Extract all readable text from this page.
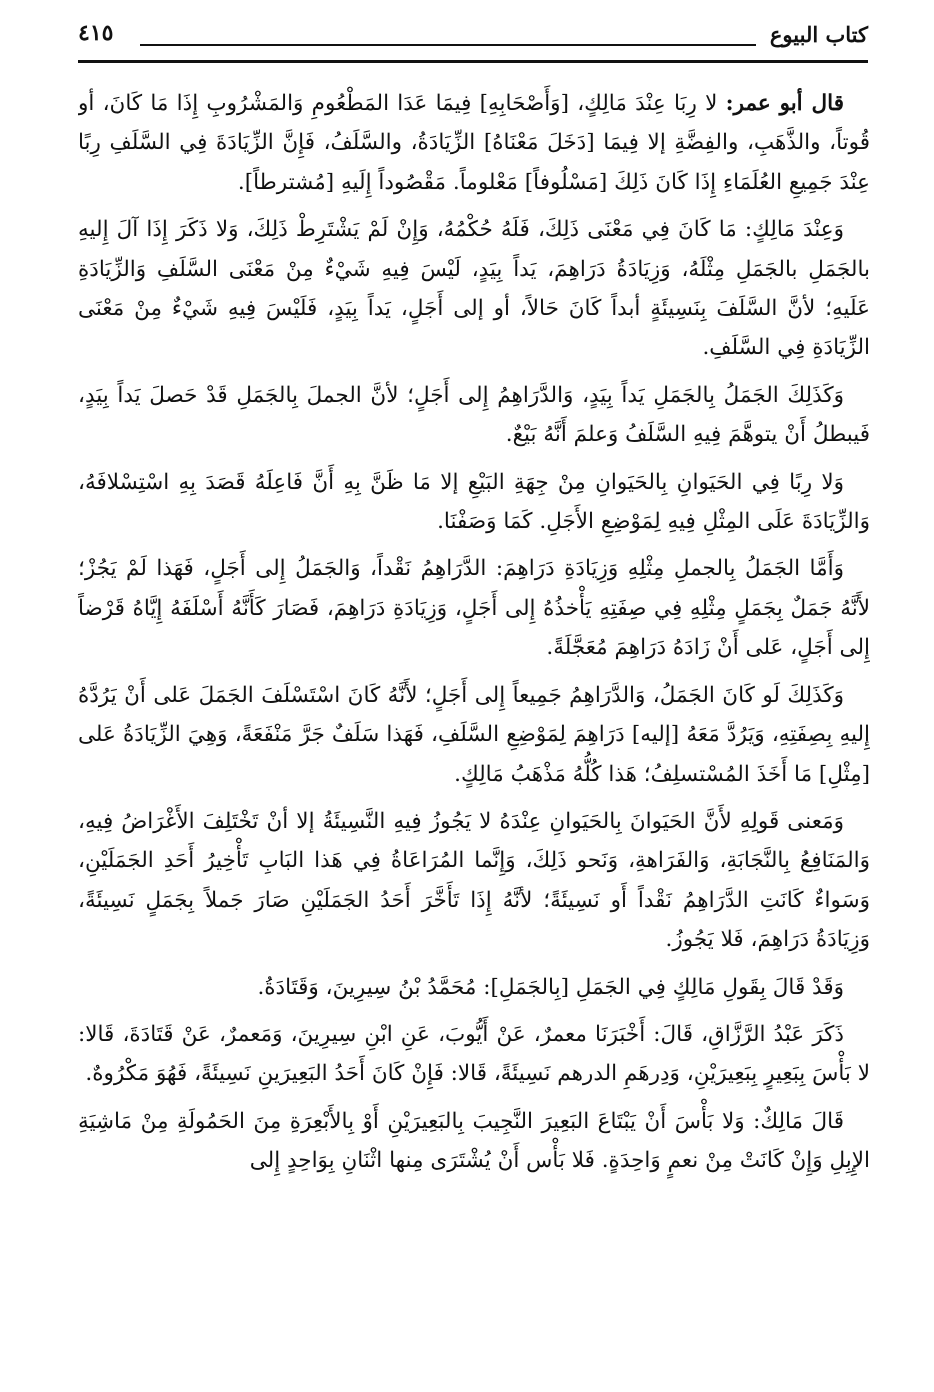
كتاب البيوع
٤١٥

قال أبو عمر: لا رِبَا عِنْدَ مَالِكٍ، [وَأَصْحَابِهِ] فِيمَا عَدَا المَطْعُومِ وَالمَشْرُوبِ إِذَا مَا كَانَ، أو قُوتاً، والذَّهَبِ، والفِضَّةِ إلا فِيمَا [دَخَلَ مَعْنَاهُ] الزِّيَادَةُ، والسَّلَفُ، فَإِنَّ الزِّيَادَةَ فِي السَّلَفِ رِبًا عِنْدَ جَمِيعِ العُلَمَاءِ إِذَا كَانَ ذَلِكَ [مَسْلُوفاً] مَعْلوماً. مَقْصُوداً إِلَيهِ [مُشترطاً].

وَعِنْدَ مَالِكٍ: مَا كَانَ فِي مَعْنَى ذَلِكَ، فَلَهُ حُكْمُهُ، وَإِنْ لَمْ يَشْتَرِطْ ذَلِكَ، وَلا ذَكَرَ إِذَا آلَ إِليهِ بالجَمَلِ بالجَمَلِ مِثْلَهُ، وَزِيَادَةُ دَرَاهِمَ، يَداً بِيَدٍ، لَيْسَ فِيهِ شَيْءٌ مِنْ مَعْنَى السَّلَفِ وَالزِّيَادَةِ عَلَيهِ؛ لأنَّ السَّلَفَ بِنَسِيئَةٍ أبداً كَانَ حَالاً، أو إلى أَجَلٍ، يَداً بِيَدٍ، فَلَيْسَ فِيهِ شَيْءٌ مِنْ مَعْنَى الزِّيَادَةِ فِي السَّلَفِ.

وَكَذَلِكَ الجَمَلُ بِالجَمَلِ يَداً بِيَدٍ، وَالدَّرَاهِمُ إِلى أَجَلٍ؛ لأنَّ الجملَ بِالجَمَلِ قَدْ حَصلَ يَداً بِيَدٍ، فَيبطلُ أَنْ يتوهَّمَ فِيهِ السَّلَفُ وَعلمَ أَنَّهُ بَيْعٌ.

وَلا رِبًا فِي الحَيَوانِ بِالحَيَوانِ مِنْ جِهَةِ البَيْعِ إلا مَا ظَنَّ بِهِ أَنَّ فَاعِلَهُ قَصَدَ بِهِ اسْتِسْلافَهُ، وَالزِّيَادَةَ عَلَى المِثْلِ فِيهِ لِمَوْضِعِ الأَجَلِ. كَمَا وَصَفْنَا.

وَأَمَّا الجَمَلُ بِالجملِ مِثْلِهِ وَزِيَادَةِ دَرَاهِمَ: الدَّرَاهِمُ نَقْداً، وَالجَمَلُ إِلى أَجَلٍ، فَهَذا لَمْ يَجُزْ؛ لأَنَّهُ جَمَلٌ بِجَمَلٍ مِثْلِهِ فِي صِفَتِهِ يَأْخذُهُ إِلى أَجَلٍ، وَزِيَادَةِ دَرَاهِمَ، فَصَارَ كَأَنَّهُ أَسْلَفَهُ إِيَّاهُ قَرْضاً إِلى أَجَلٍ، عَلى أَنْ زَادَهُ دَرَاهِمَ مُعَجَّلَةً.

وَكَذَلِكَ لَو كَانَ الجَمَلُ، وَالدَّرَاهِمُ جَمِيعاً إِلى أَجَلٍ؛ لأَنَّهُ كَانَ اسْتَسْلَفَ الجَمَلَ عَلى أَنْ يَرُدَّهُ إِليهِ بِصِفَتِهِ، وَيَرُدَّ مَعَهُ [إليه] دَرَاهِمَ لِمَوْضِعِ السَّلَفِ، فَهَذا سَلَفٌ جَرَّ مَنْفَعَةً، وَهِيَ الزِّيَادَةُ عَلى [مِثْلِ] مَا أَخَذَ المُسْتسلِفُ؛ هَذا كُلُّهُ مَذْهَبُ مَالِكٍ.

وَمَعنى قَولِهِ لأَنَّ الحَيَوانَ بِالحَيَوانِ عِنْدَهُ لا يَجُوزُ فِيهِ النَّسِيئَةُ إلا أنْ تَخْتَلِفَ الأَغْرَاضُ فِيهِ، وَالمَنَافِعُ بِالنَّجَابَةِ، وَالفَرَاهةِ، وَنَحو ذَلِكَ، وَإِنَّما المُرَاعَاةُ فِي هَذا البَابِ تَأْخِيرُ أَحَدِ الجَمَلَيْنِ، وَسَواءٌ كَانَتِ الدَّرَاهِمُ نَقْداً أَو نَسِيئَةً؛ لأنَّهُ إِذَا تَأَخَّرَ أَحَدُ الجَمَلَيْنِ صَارَ جَملاً بِجَمَلٍ نَسِيئَةً، وَزِيَادَةُ دَرَاهِمَ، فَلا يَجُوزُ.

وَقَدْ قَالَ بِقَولِ مَالِكٍ فِي الجَمَلِ [بِالجَمَلِ]: مُحَمَّدُ بْنُ سِيرِينَ، وَقَتَادَةُ.

ذَكَرَ عَبْدُ الرَّزَّاقِ، قَالَ: أَخْبَرَنَا معمرٌ، عَنْ أَيُّوبَ، عَنِ ابْنِ سِيرِينَ، وَمَعمرٌ، عَنْ قَتَادَةَ، قَالا: لا بَأْسَ بِبَعِيرٍ بِبَعِيرَيْنِ، وَدِرهَمِ الدرهم نَسِيئَةً، قَالا: فَإِنْ كَانَ أَحَدُ البَعِيرَينِ نَسِيئَةً، فَهُوَ مَكْرُوهٌ.

قَالَ مَالِكٌ: وَلا بَأْسَ أَنْ يَبْتَاعَ البَعِيرَ النَّجِيبَ بِالبَعِيرَيْنِ أَوْ بِالأَبْعِرَةِ مِنَ الحَمُولَةِ مِنْ مَاشِيَةِ الإِبِلِ وَإِنْ كَانَتْ مِنْ نعمٍ وَاحِدَةٍ. فَلا بَأْس أَنْ يُشْتَرَى مِنها اثْنَانِ بِوَاحِدٍ إِلى
